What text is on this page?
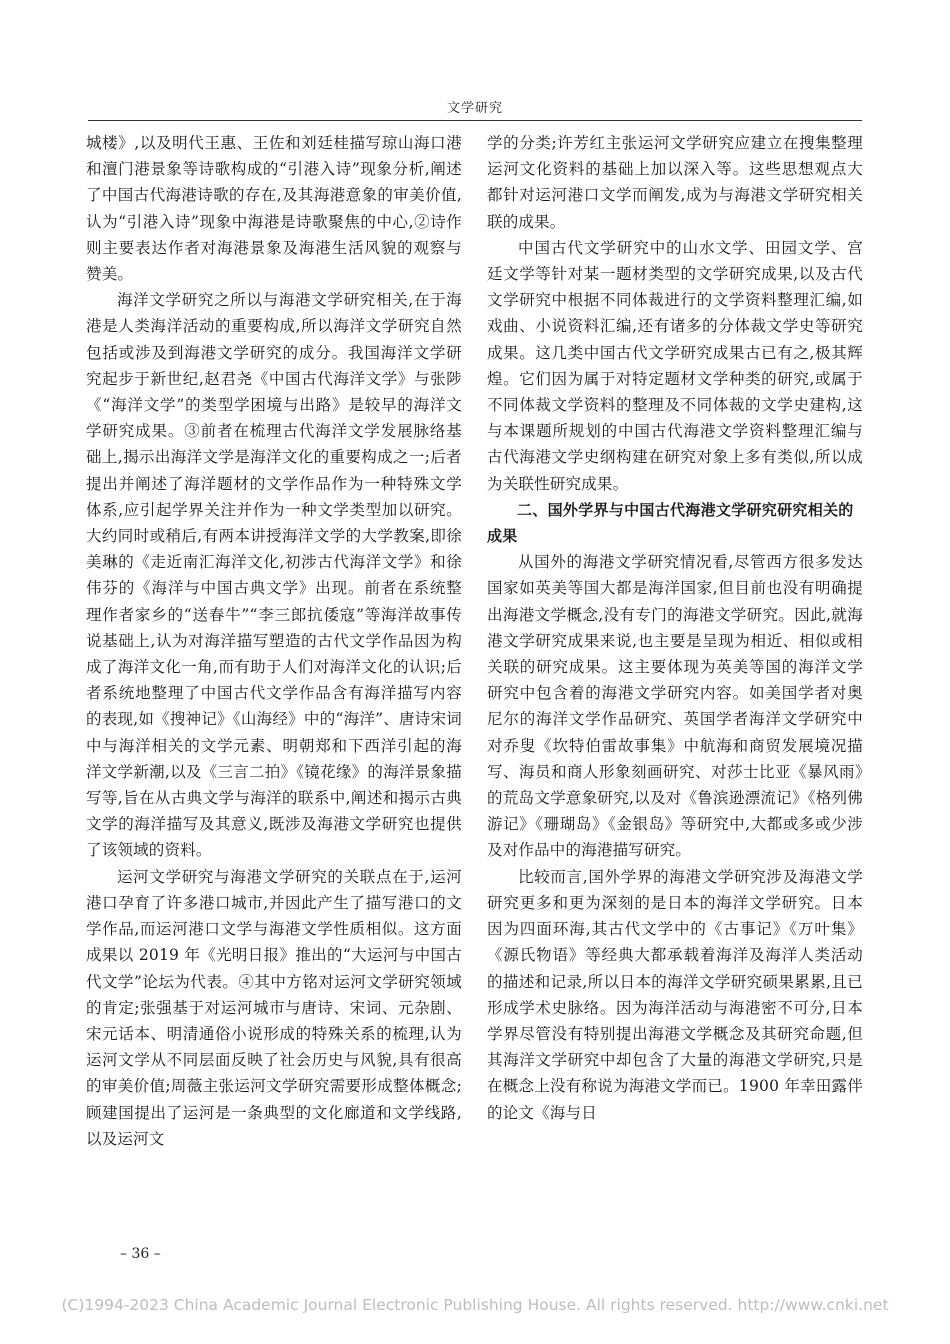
文学研究

城楼》,以及明代王惠、王佐和刘廷桂描写琼山海口港和澶门港景象等诗歌构成的“引港入诗”现象分析,阐述了中国古代海港诗歌的存在,及其海港意象的审美价值,认为“引港入诗”现象中海港是诗歌聚焦的中心,②诗作则主要表达作者对海港景象及海港生活风貌的观察与赞美。

海洋文学研究之所以与海港文学研究相关,在于海港是人类海洋活动的重要构成,所以海洋文学研究自然包括或涉及到海港文学研究的成分。我国海洋文学研究起步于新世纪,赵君尧《中国古代海洋文学》与张陟《“海洋文学”的类型学困境与出路》是较早的海洋文学研究成果。③前者在梳理古代海洋文学发展脉络基础上,揭示出海洋文学是海洋文化的重要构成之一;后者提出并阐述了海洋题材的文学作品作为一种特殊文学体系,应引起学界关注并作为一种文学类型加以研究。大约同时或稍后,有两本讲授海洋文学的大学教案,即徐美琳的《走近南汇海洋文化,初涉古代海洋文学》和徐伟芬的《海洋与中国古典文学》出现。前者在系统整理作者家乡的“送春牛”“李三郎抗倭寇”等海洋故事传说基础上,认为对海洋描写塑造的古代文学作品因为构成了海洋文化一角,而有助于人们对海洋文化的认识;后者系统地整理了中国古代文学作品含有海洋描写内容的表现,如《搜神记》《山海经》中的“海洋”、唐诗宋词中与海洋相关的文学元素、明朝郑和下西洋引起的海洋文学新潮,以及《三言二拍》《镜花缘》的海洋景象描写等,旨在从古典文学与海洋的联系中,阐述和揭示古典文学的海洋描写及其意义,既涉及海港文学研究也提供了该领域的资料。

运河文学研究与海港文学研究的关联点在于,运河港口孕育了许多港口城市,并因此产生了描写港口的文学作品,而运河港口文学与海港文学性质相似。这方面成果以 2019 年《光明日报》推出的“大运河与中国古代文学”论坛为代表。④其中方铭对运河文学研究领域的肯定;张强基于对运河城市与唐诗、宋词、元杂剧、宋元话本、明清通俗小说形成的特殊关系的梳理,认为运河文学从不同层面反映了社会历史与风貌,具有很高的审美价值;周薇主张运河文学研究需要形成整体概念;顾建国提出了运河是一条典型的文化廊道和文学线路,以及运河文

学的分类;许芳红主张运河文学研究应建立在搜集整理运河文化资料的基础上加以深入等。这些思想观点大都针对运河港口文学而阐发,成为与海港文学研究相关联的成果。

中国古代文学研究中的山水文学、田园文学、宫廷文学等针对某一题材类型的文学研究成果,以及古代文学研究中根据不同体裁进行的文学资料整理汇编,如戏曲、小说资料汇编,还有诸多的分体裁文学史等研究成果。这几类中国古代文学研究成果古已有之,极其辉煌。它们因为属于对特定题材文学种类的研究,或属于不同体裁文学资料的整理及不同体裁的文学史建构,这与本课题所规划的中国古代海港文学资料整理汇编与古代海港文学史纲构建在研究对象上多有类似,所以成为关联性研究成果。

二、国外学界与中国古代海港文学研究研究相关的成果

从国外的海港文学研究情况看,尽管西方很多发达国家如英美等国大都是海洋国家,但目前也没有明确提出海港文学概念,没有专门的海港文学研究。因此,就海港文学研究成果来说,也主要是呈现为相近、相似或相关联的研究成果。这主要体现为英美等国的海洋文学研究中包含着的海港文学研究内容。如美国学者对奥尼尔的海洋文学作品研究、英国学者海洋文学研究中对乔叟《坎特伯雷故事集》中航海和商贸发展境况描写、海员和商人形象刻画研究、对莎士比亚《暴风雨》的荒岛文学意象研究,以及对《鲁滨逊漂流记》《格列佛游记》《珊瑚岛》《金银岛》等研究中,大都或多或少涉及对作品中的海港描写研究。

比较而言,国外学界的海港文学研究涉及海港文学研究更多和更为深刻的是日本的海洋文学研究。日本因为四面环海,其古代文学中的《古事记》《万叶集》《源氏物语》等经典大都承载着海洋及海洋人类活动的描述和记录,所以日本的海洋文学研究硕果累累,且已形成学术史脉络。因为海洋活动与海港密不可分,日本学界尽管没有特别提出海港文学概念及其研究命题,但其海洋文学研究中却包含了大量的海港文学研究,只是在概念上没有称说为海港文学而已。1900 年幸田露伴的论文《海与日

– 36 –
(C)1994-2023 China Academic Journal Electronic Publishing House. All rights reserved. http://www.cnki.net
